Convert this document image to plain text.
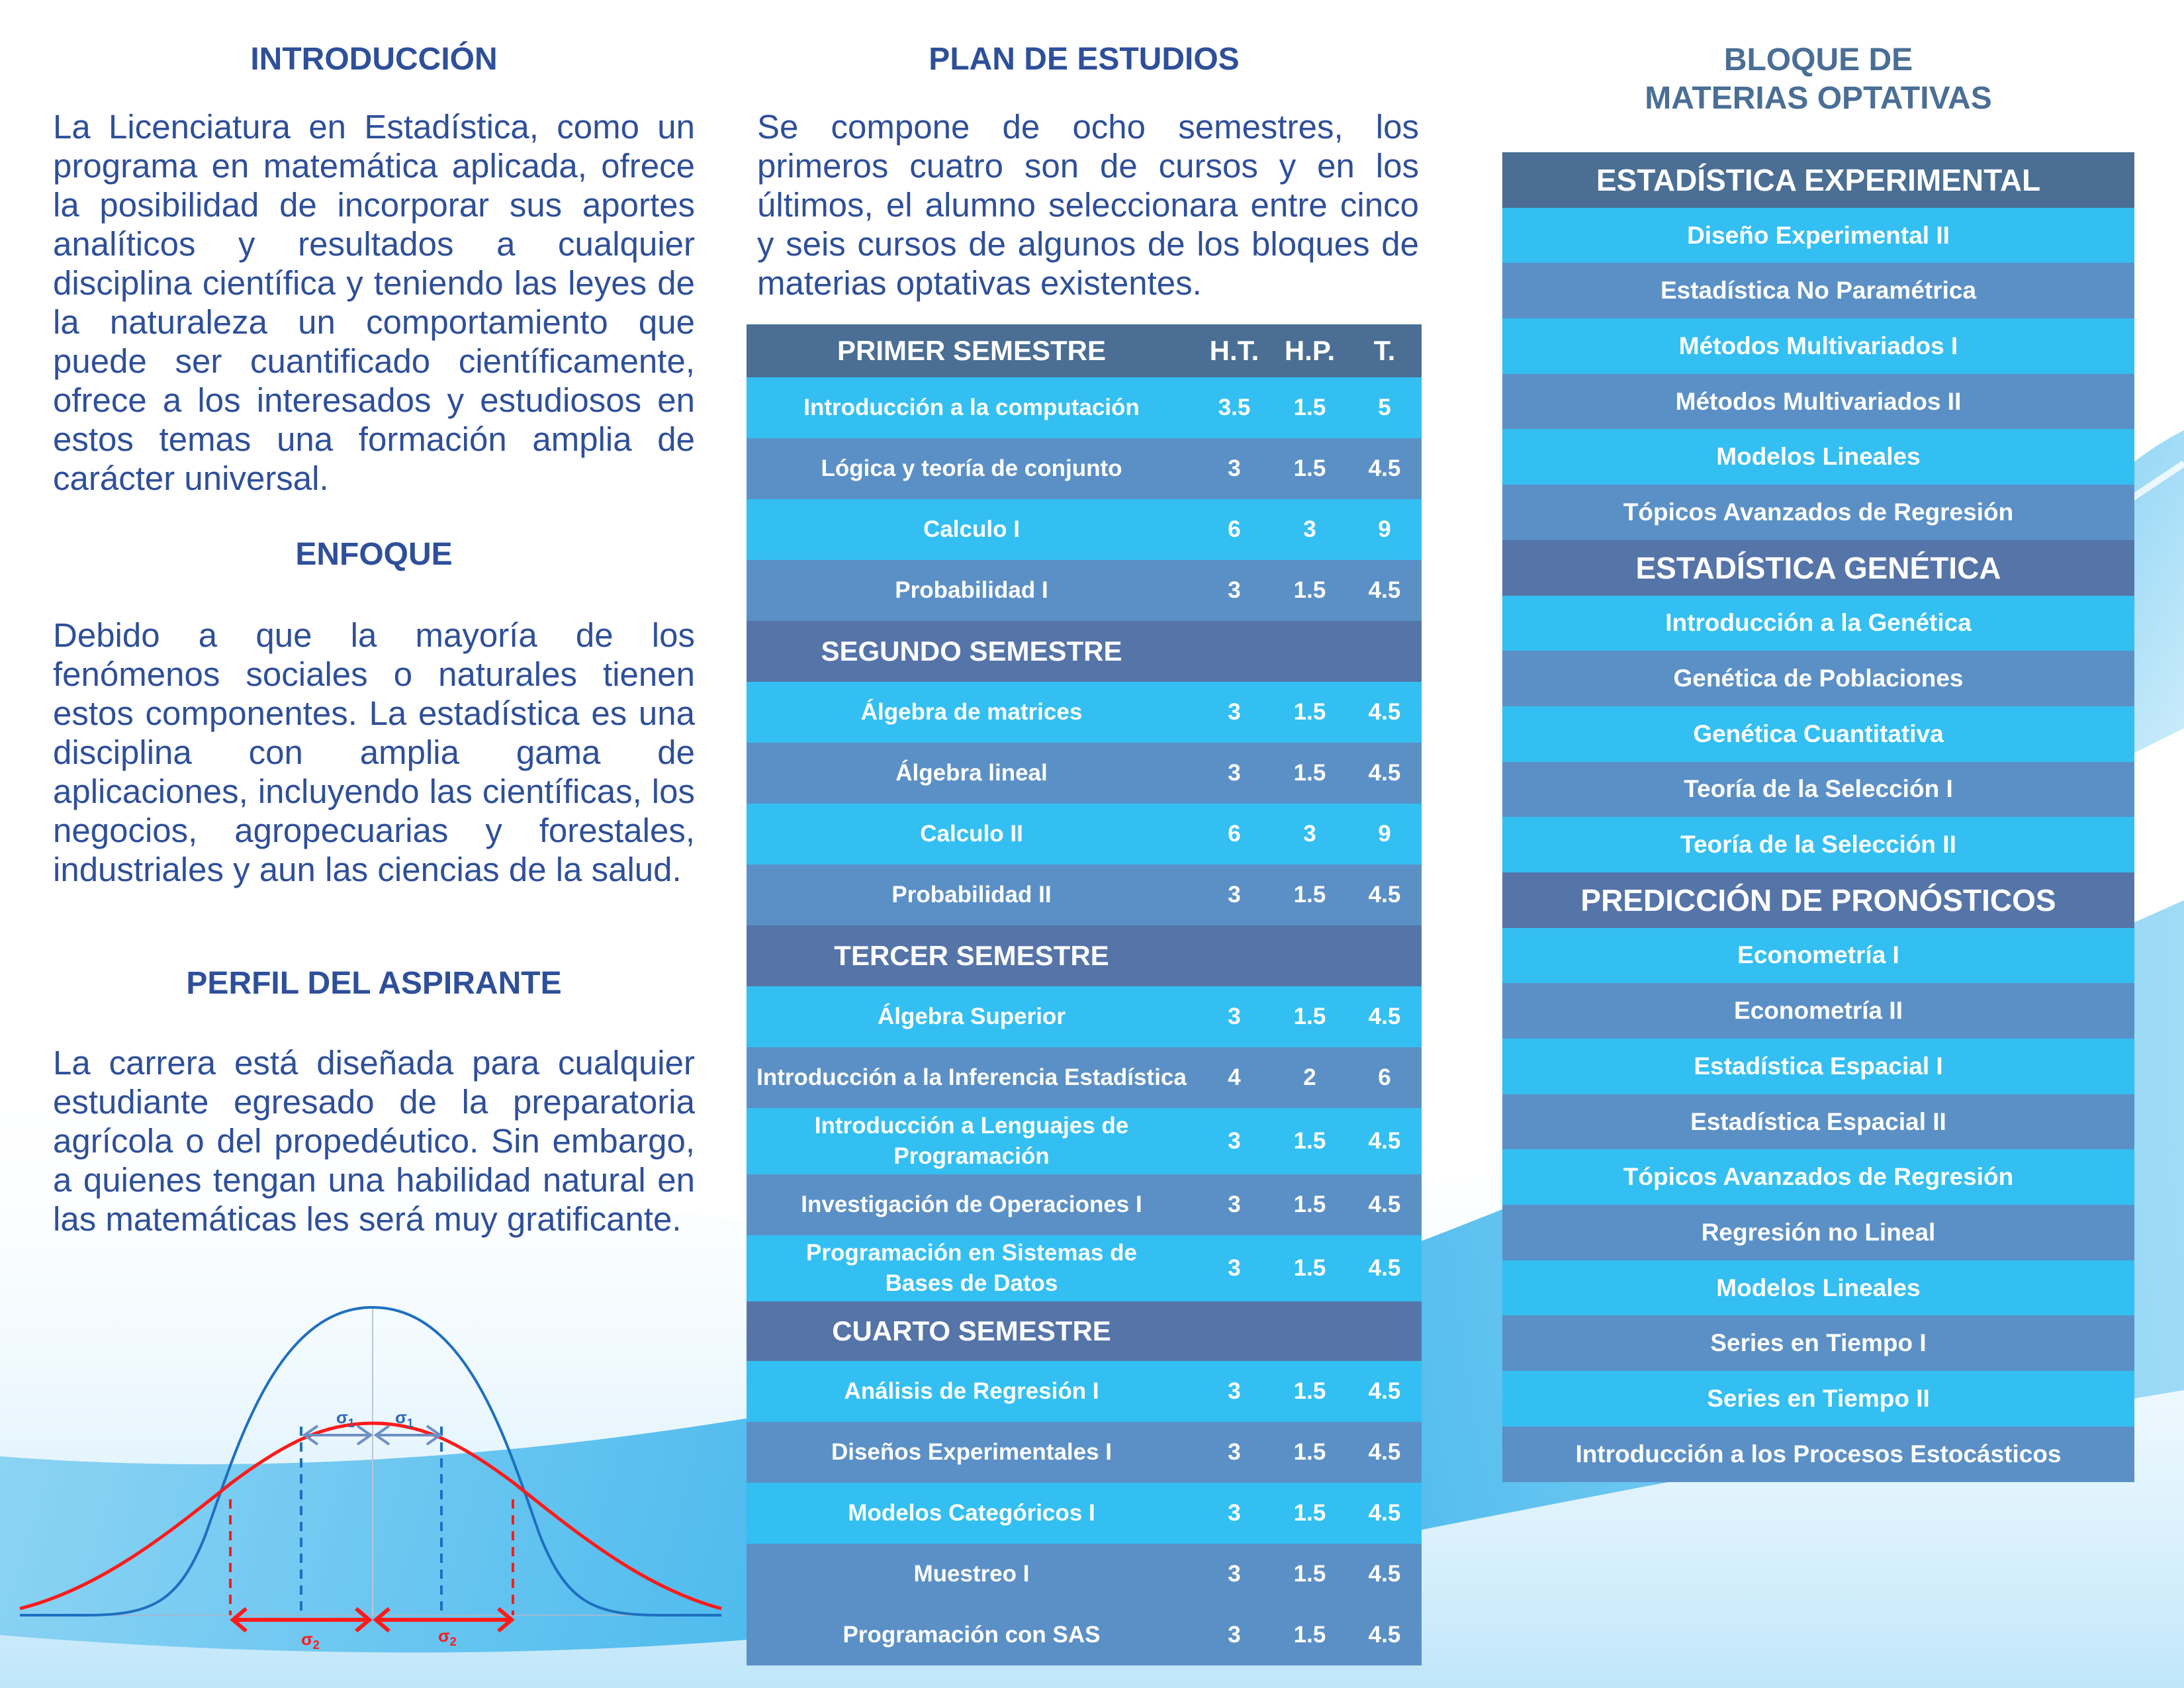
INTRODUCCIÓN

La Licenciatura en Estadística, como un programa en matemática aplicada, ofrece la posibilidad de incorporar sus aportes analíticos y resultados a cualquier disciplina científica y teniendo las leyes de la naturaleza un comportamiento que puede ser cuantificado científicamente, ofrece a los interesados y estudiosos en estos temas una formación amplia de carácter universal.

ENFOQUE

Debido a que la mayoría de los fenómenos sociales o naturales tienen estos componentes. La estadística es una disciplina con amplia gama de aplicaciones, incluyendo las científicas, los negocios, agropecuarias y forestales, industriales y aun las ciencias de la salud.

PERFIL DEL ASPIRANTE

La carrera está diseñada para cualquier estudiante egresado de la preparatoria agrícola o del propedéutico. Sin embargo, a quienes tengan una habilidad natural en las matemáticas les será muy gratificante.

$\sigma_1$ $\sigma_1$
$\sigma_2$	$\sigma_2$
PLAN DE ESTUDIOS

Se compone de ocho semestres, los primeros cuatro son de cursos y en los últimos, el alumno seleccionara entre cinco y seis cursos de algunos de los bloques de materias optativas existentes.

PRIMER SEMESTRE	H.T. H.P.	T.
Introducción a la computación	3.5	1.5	5
Lógica y teoría de conjunto	3	1.5	4.5
Calculo I	6	3	9
Probabilidad I	3	1.5	4.5
SEGUNDO SEMESTRE
Álgebra de matrices	3	1.5	4.5
Álgebra lineal	3	1.5	4.5
Calculo II	6	3	9
Probabilidad II	3	1.5	4.5
TERCER SEMESTRE
Álgebra Superior	3	1.5	4.5
Introducción a la Inferencia Estadística	4	2	6
Introducción a Lenguajes de Programación
3	1.5	4.5
Investigación de Operaciones I	3	1.5	4.5
Programación en Sistemas de Bases de Datos
3	1.5	4.5
CUARTO SEMESTRE
Análisis de Regresión I	3	1.5	4.5
Diseños Experimentales I	3	1.5	4.5
Modelos Categóricos I	3	1.5	4.5
Muestreo I	3	1.5	4.5
Programación con SAS	3	1.5	4.5
BLOQUE DE
MATERIAS OPTATIVAS
ESTADÍSTICA EXPERIMENTAL
Diseño Experimental II
Estadística No Paramétrica
Métodos Multivariados I
Métodos Multivariados II
Modelos Lineales
Tópicos Avanzados de Regresión
ESTADÍSTICA GENÉTICA
Introducción a la Genética
Genética de Poblaciones
Genética Cuantitativa
Teoría de la Selección I
Teoría de la Selección II
PREDICCIÓN DE PRONÓSTICOS
Econometría I
Econometría II
Estadística Espacial I
Estadística Espacial II
Tópicos Avanzados de Regresión
Regresión no Lineal
Modelos Lineales
Series en Tiempo I
Series en Tiempo II
Introducción a los Procesos Estocásticos
